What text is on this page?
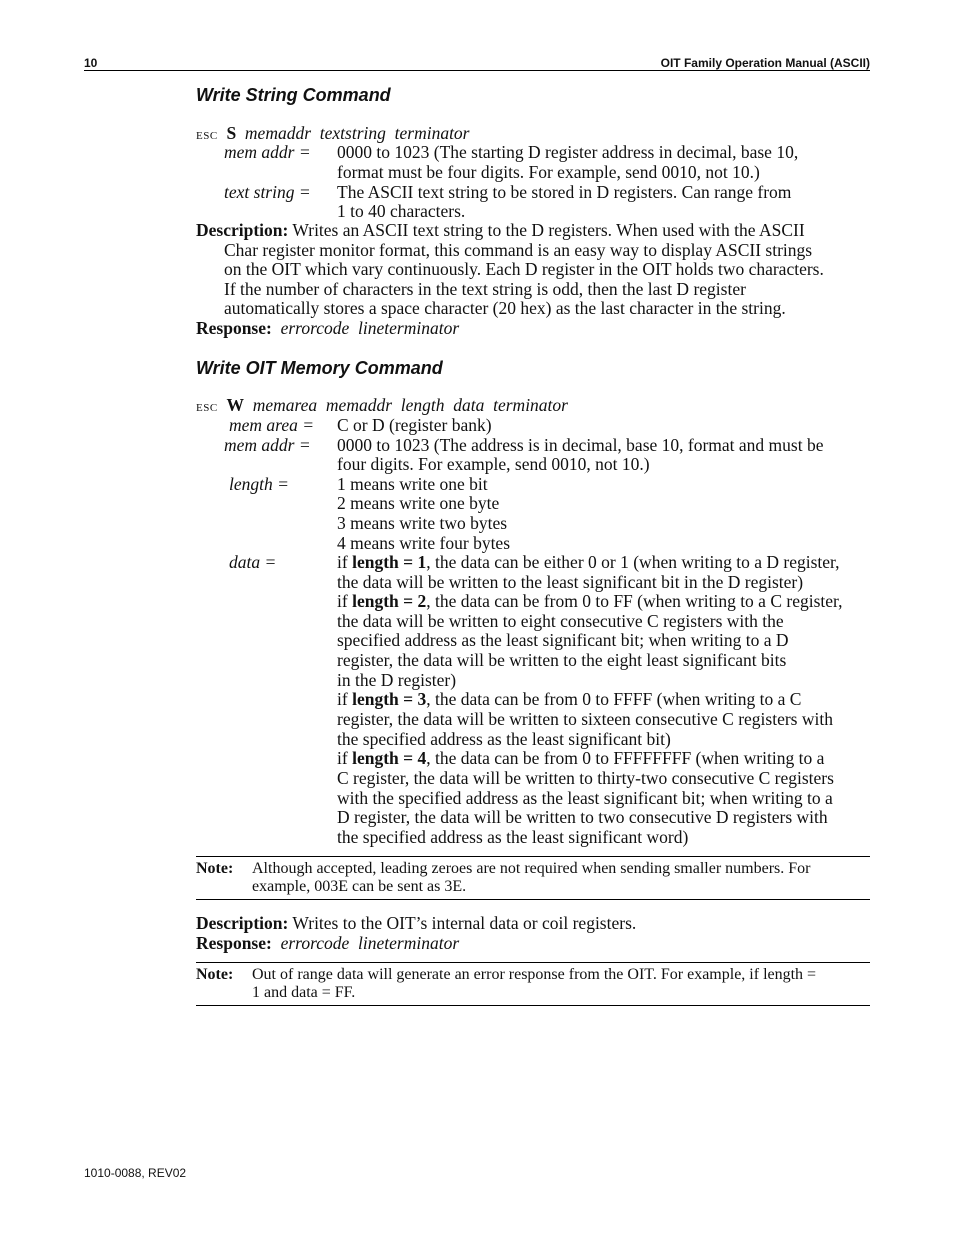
10	OIT Family Operation Manual (ASCII)
Write String Command
ESC S memaddr  textstring  terminator
mem addr = 0000 to 1023 (The starting D register address in decimal, base 10,
format must be four digits. For example, send 0010, not 10.)
text string = The ASCII text string to be stored in D registers. Can range from
1 to 40 characters.
Description: Writes an ASCII text string to the D registers. When used with the ASCII
Char register monitor format, this command is an easy way to display ASCII strings
on the OIT which vary continuously. Each D register in the OIT holds two characters.
If the number of characters in the text string is odd, then the last D register
automatically stores a space character (20 hex) as the last character in the string.
Response: errorcode  lineterminator
Write OIT Memory Command
ESC W memarea  memaddr  length  data  terminator
mem area = C or D (register bank)
mem addr = 0000 to 1023 (The address is in decimal, base 10, format and must be
four digits. For example, send 0010, not 10.)
length =	1 means write one bit
2 means write one byte
3 means write two bytes
4 means write four bytes
data =	if length = 1, the data can be either 0 or 1 (when writing to a D register,
the data will be written to the least significant bit in the D register)
if length = 2, the data can be from 0 to FF (when writing to a C register,
the data will be written to eight consecutive C registers with the
specified address as the least significant bit; when writing to a D
register, the data will be written to the eight least significant bits
in the D register)
if length = 3, the data can be from 0 to FFFF (when writing to a C
register, the data will be written to sixteen consecutive C registers with
the specified address as the least significant bit)
if length = 4, the data can be from 0 to FFFFFFFF (when writing to a
C register, the data will be written to thirty-two consecutive C registers
with the specified address as the least significant bit; when writing to a
D register, the data will be written to two consecutive D registers with
the specified address as the least significant word)
Note: Although accepted, leading zeroes are not required when sending smaller numbers. For
example, 003E can be sent as 3E.
Description: Writes to the OIT’s internal data or coil registers.
Response: errorcode  lineterminator
Note: Out of range data will generate an error response from the OIT. For example, if length =
1 and data = FF.
1010-0088, REV02
